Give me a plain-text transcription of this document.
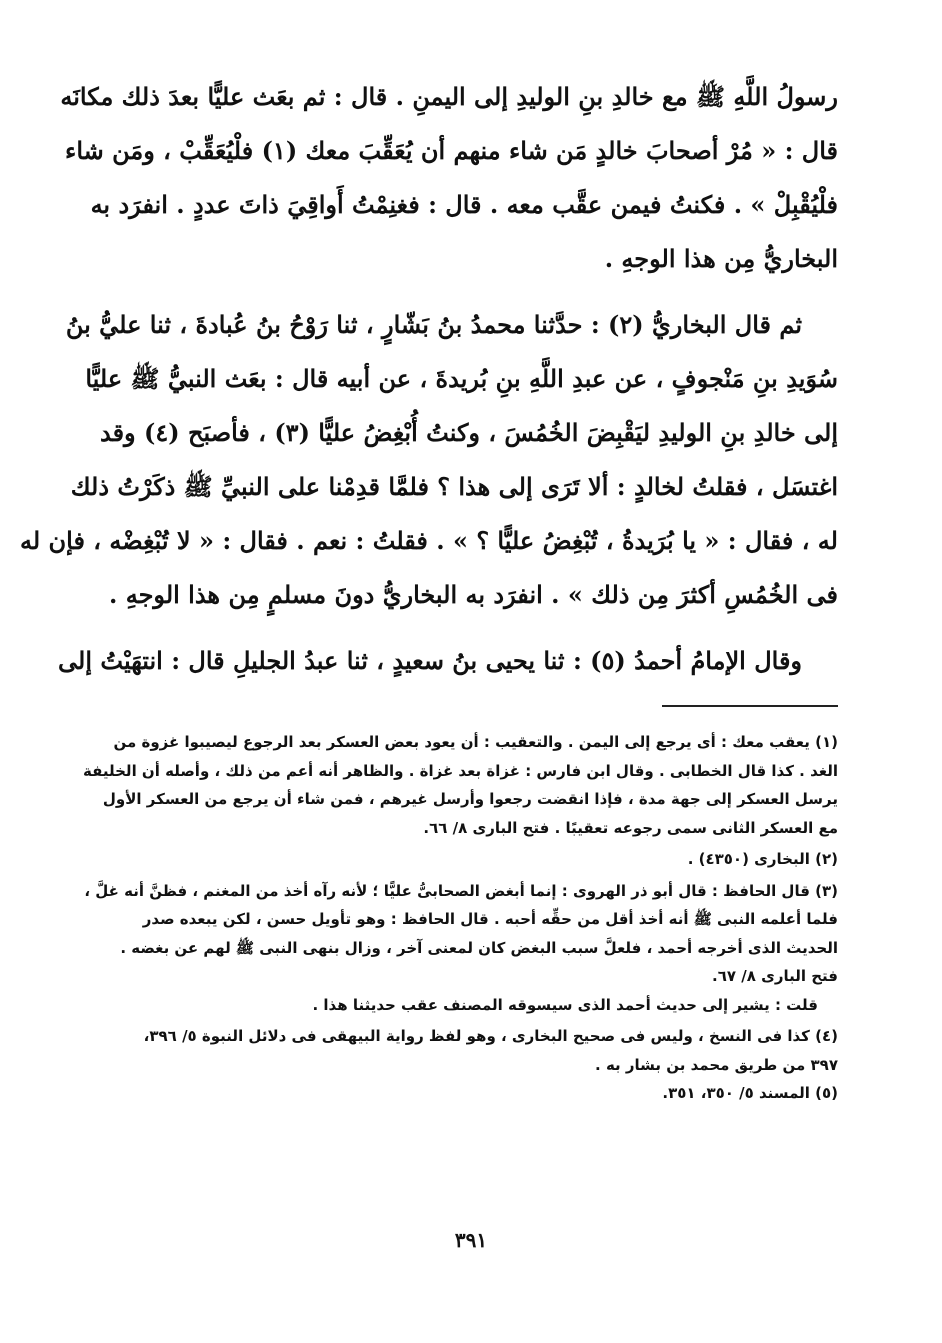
رسولُ اللَّهِ ﷺ مع خالدِ بنِ الوليدِ إلى اليمنِ . قال : ثم بعَث عليًّا بعدَ ذلك مكانَه
قال : « مُرْ أصحابَ خالدٍ مَن شاء منهم أن يُعَقِّبَ معك (١) فلْيُعَقِّبْ ، ومَن شاء
فلْيُقْبِلْ » . فكنتُ فيمن عقَّب معه . قال : فغنِمْتُ أَواقِيَ ذاتَ عددٍ . انفرَد به
البخاريُّ مِن هذا الوجهِ .
ثم قال البخاريُّ (٢) : حدَّثنا محمدُ بنُ بَشّارٍ ، ثنا رَوْحُ بنُ عُبادةَ ، ثنا عليُّ بنُ
سُوَيدِ بنِ مَنْجوفٍ ، عن عبدِ اللَّهِ بنِ بُريدةَ ، عن أبيه قال : بعَث النبيُّ ﷺ عليًّا
إلى خالدِ بنِ الوليدِ ليَقْبِضَ الخُمُسَ ، وكنتُ أُبْغِضُ عليًّا (٣) ، فأصبَح (٤) وقد
اغتسَل ، فقلتُ لخالدٍ : ألا تَرَى إلى هذا ؟ فلمَّا قدِمْنا على النبيِّ ﷺ ذكَرْتُ ذلك
له ، فقال : « يا بُرَيدةُ ، تُبْغِضُ عليًّا ؟ » . فقلتُ : نعم . فقال : « لا تُبْغِضْه ، فإن له
فى الخُمُسِ أكثرَ مِن ذلك » . انفرَد به البخاريُّ دونَ مسلمٍ مِن هذا الوجهِ .
وقال الإمامُ أحمدُ (٥) : ثنا يحيى بنُ سعيدٍ ، ثنا عبدُ الجليلِ قال : انتهَيْتُ إلى
(١) يعقب معك : أى يرجع إلى اليمن . والتعقيب : أن يعود بعض العسكر بعد الرجوع ليصيبوا غزوة من
الغد . كذا قال الخطابى . وقال ابن فارس : غزاة بعد غزاة . والظاهر أنه أعم من ذلك ، وأصله أن الخليفة
يرسل العسكر إلى جهة مدة ، فإذا انقضت رجعوا وأرسل غيرهم ، فمن شاء أن يرجع من العسكر الأول
مع العسكر الثانى سمى رجوعه تعقيبًا . فتح البارى ٨/ ٦٦.
(٢) البخارى (٤٣٥٠) .
(٣) قال الحافظ : قال أبو ذر الهروى : إنما أبغض الصحابىُّ عليًّا ؛ لأنه رآه أخذ من المغنم ، فظنَّ أنه غلَّ ،
فلما أعلمه النبى ﷺ أنه أخذ أقل من حقِّه أحبه . قال الحافظ : وهو تأويل حسن ، لكن يبعده صدر
الحديث الذى أخرجه أحمد ، فلعلَّ سبب البغض كان لمعنى آخر ، وزال بنهى النبى ﷺ لهم عن بغضه .
فتح البارى ٨/ ٦٧.
قلت : يشير إلى حديث أحمد الذى سيسوقه المصنف عقب حديثنا هذا .
(٤) كذا فى النسخ ، وليس فى صحيح البخارى ، وهو لفظ رواية البيهقى فى دلائل النبوة ٥/ ٣٩٦،
٣٩٧ من طريق محمد بن بشار به .
(٥) المسند ٥/ ٣٥٠، ٣٥١.
٣٩١
